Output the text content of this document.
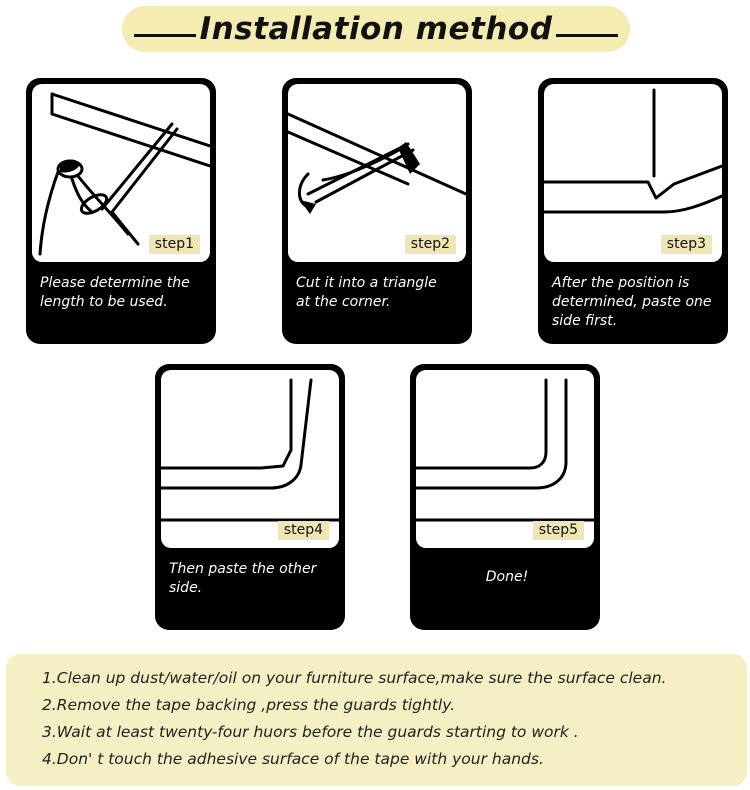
Installation method
step1
Please determine the
length to be used.
step2
Cut it into a triangle
at the corner.
step3
After the position is
determined, paste one
side first.
step4
Then paste the other
side.
step5
Done!
1.Clean up dust/water/oil on your furniture surface,make sure the surface clean.
2.Remove the tape backing ,press the guards tightly.
3.Wait at least twenty-four huors before the guards starting to work .
4.Don' t touch the adhesive surface of the tape with your hands.
